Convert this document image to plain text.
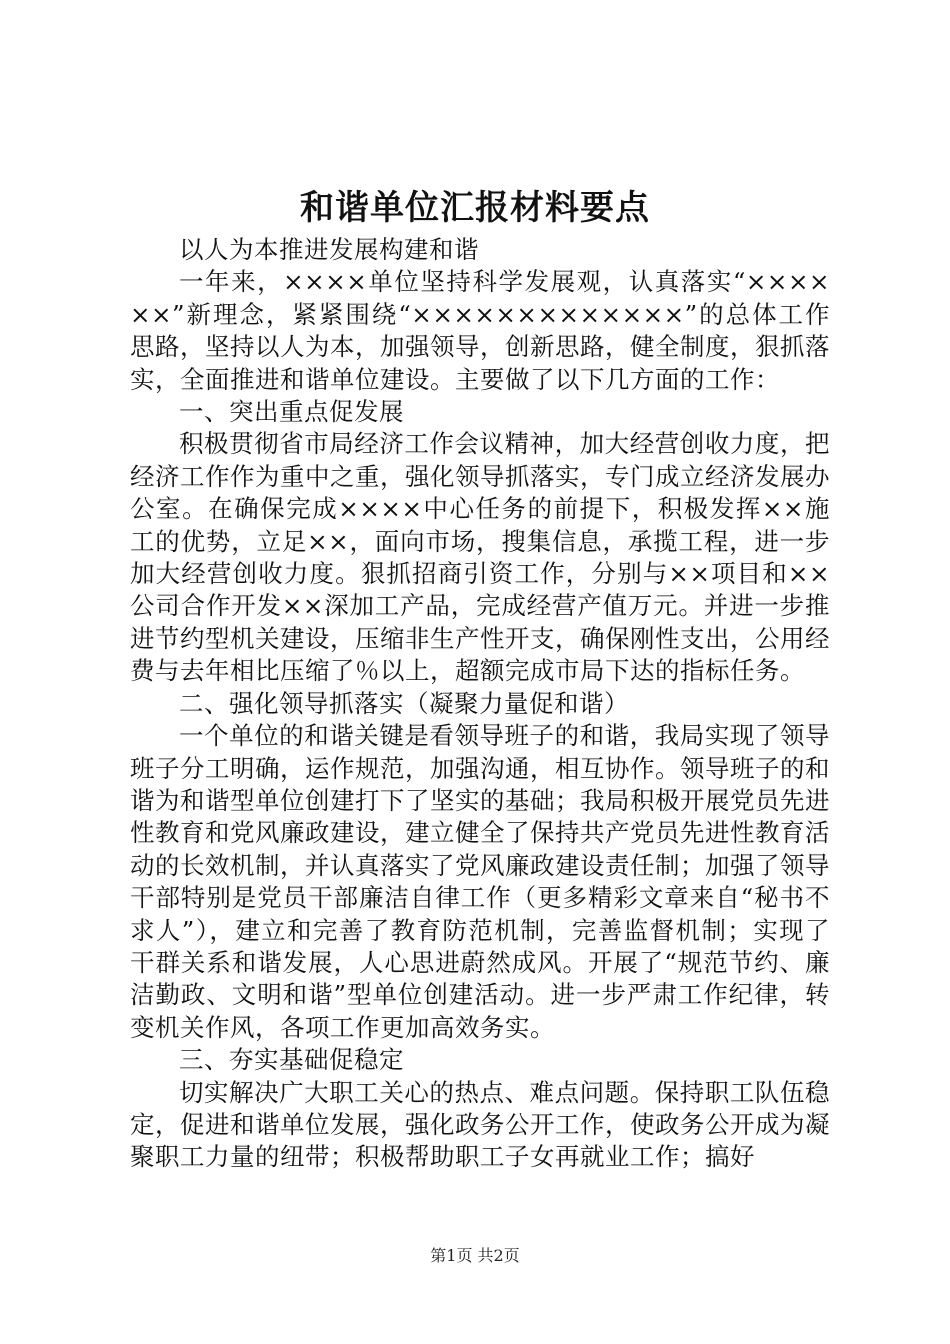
和谐单位汇报材料要点

以人为本推进发展构建和谐

一年来，××××单位坚持科学发展观，认真落实“××××××”新理念，紧紧围绕“×××××××××××××”的总体工作思路，坚持以人为本，加强领导，创新思路，健全制度，狠抓落实，全面推进和谐单位建设。主要做了以下几方面的工作：

一、突出重点促发展

积极贯彻省市局经济工作会议精神，加大经营创收力度，把经济工作作为重中之重，强化领导抓落实，专门成立经济发展办公室。在确保完成××××中心任务的前提下，积极发挥××施工的优势，立足××，面向市场，搜集信息，承揽工程，进一步加大经营创收力度。狠抓招商引资工作，分别与××项目和××公司合作开发××深加工产品，完成经营产值万元。并进一步推进节约型机关建设，压缩非生产性开支，确保刚性支出，公用经费与去年相比压缩了％以上，超额完成市局下达的指标任务。

二、强化领导抓落实（凝聚力量促和谐）

一个单位的和谐关键是看领导班子的和谐，我局实现了领导班子分工明确，运作规范，加强沟通，相互协作。领导班子的和谐为和谐型单位创建打下了坚实的基础；我局积极开展党员先进性教育和党风廉政建设，建立健全了保持共产党员先进性教育活动的长效机制，并认真落实了党风廉政建设责任制；加强了领导干部特别是党员干部廉洁自律工作（更多精彩文章来自“秘书不求人”），建立和完善了教育防范机制，完善监督机制；实现了干群关系和谐发展，人心思进蔚然成风。开展了“规范节约、廉洁勤政、文明和谐”型单位创建活动。进一步严肃工作纪律，转变机关作风，各项工作更加高效务实。

三、夯实基础促稳定

切实解决广大职工关心的热点、难点问题。保持职工队伍稳定，促进和谐单位发展，强化政务公开工作，使政务公开成为凝聚职工力量的纽带；积极帮助职工子女再就业工作；搞好

第1页 共2页
